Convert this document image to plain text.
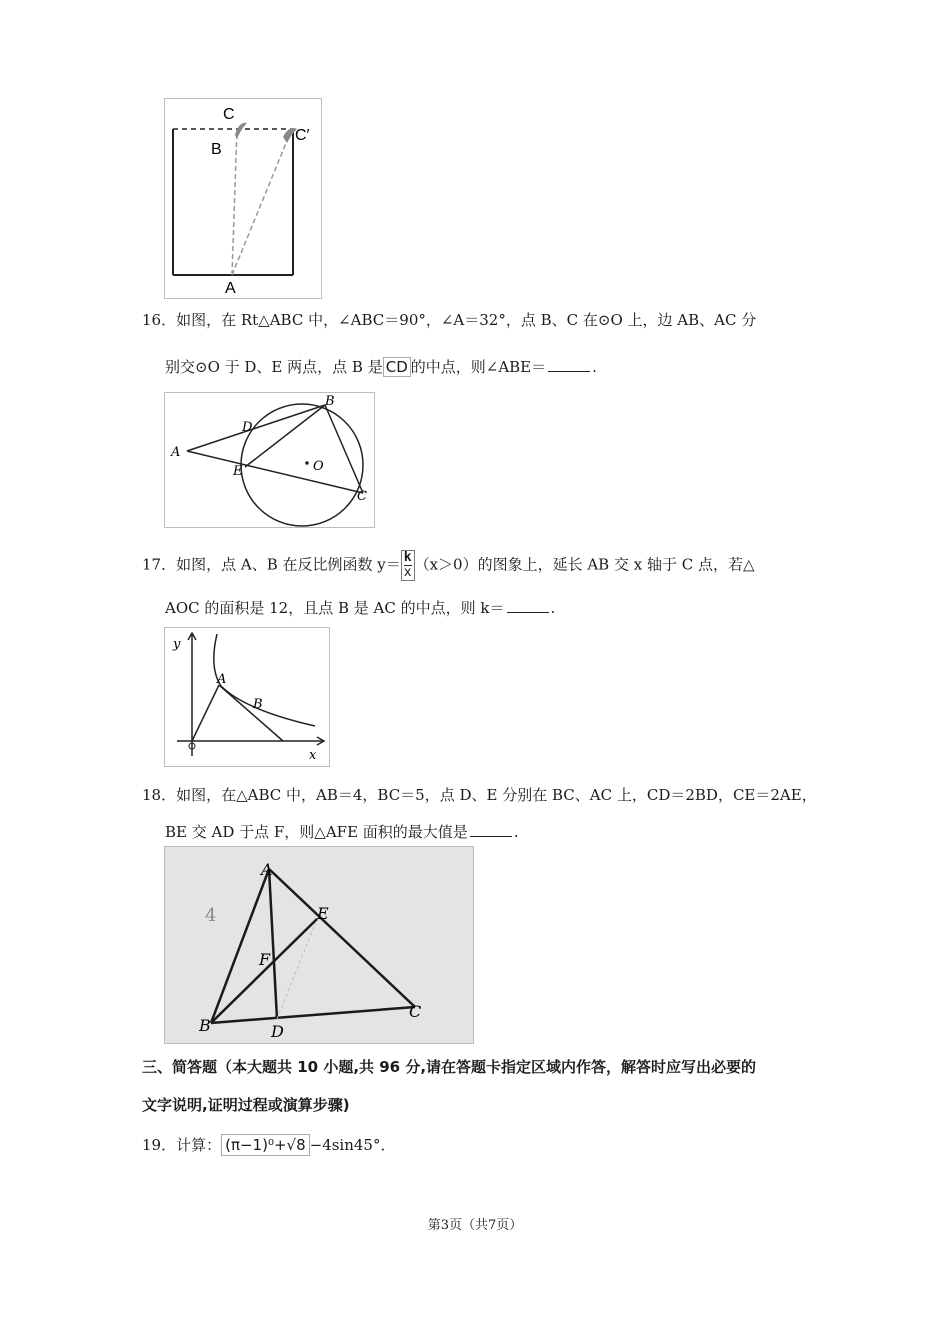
C
B
C′
A
16．如图，在 Rt△ABC 中，∠ABC＝90°，∠A＝32°，点 B、C 在⊙O 上，边 AB、AC 分
别交⊙O 于 D、E 两点，点 B 是 CD 的中点，则∠ABE＝	.
A
B
C
D
E	O
17．如图，点 A、B 在反比例函数 $y= \frac{k}{x} (x>0)$的图象上，延长 AB 交 x 轴于 C 点，若△
AOC 的面积是 12，且点 B 是 AC 的中点，则 k＝	.
y
x
A
B
18．如图，在△ABC 中，AB＝4，BC＝5，点 D、E 分别在 BC、AC 上，CD＝2BD，CE＝2AE，
BE 交 AD 于点 F，则△AFE 面积的最大值是	.
A
B
C
D
E
F
4
三、简答题（本大题共 10 小题,共 96 分,请在答题卡指定区域内作答，解答时应写出必要的
文字说明,证明过程或演算步骤)
19．计算： (π−1)⁰+√8 −4sin45°．
第3页（共7页）
